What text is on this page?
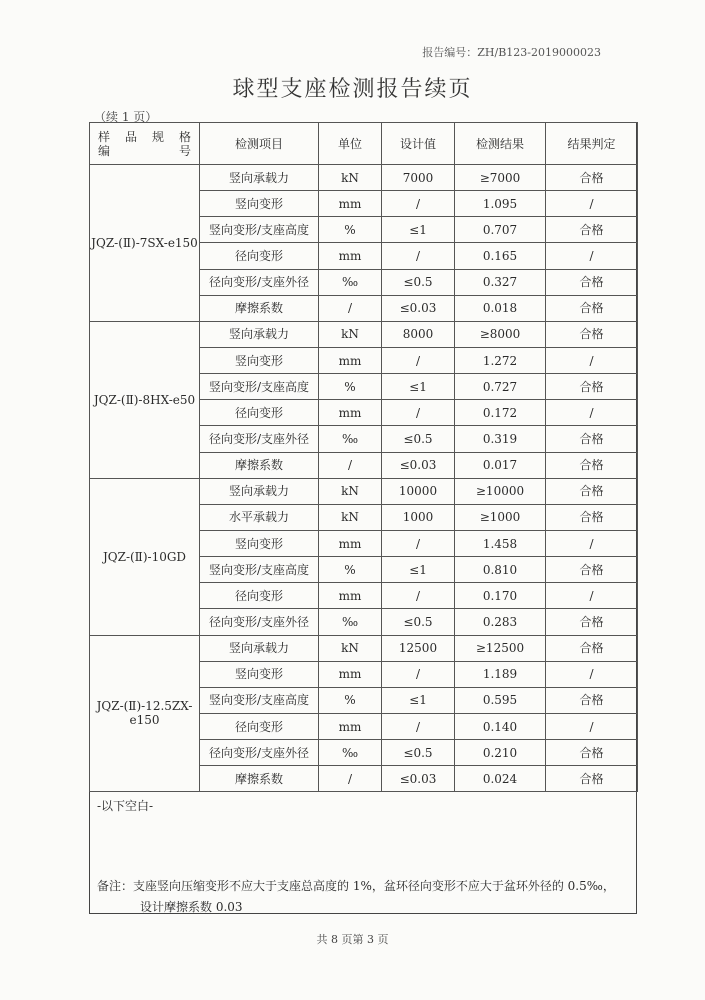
报告编号：ZH/B123-2019000023
球型支座检测报告续页
（续 1 页）
样品规格
编 号	检测项目	单位	设计值	检测结果	结果判定
JQZ-(Ⅱ)-7SX-e150	竖向承载力	kN	7000	≥7000	合格
	竖向变形	mm	/	1.095	/
	竖向变形/支座高度	%	≤1	0.707	合格
	径向变形	mm	/	0.165	/
	径向变形/支座外径	‰	≤0.5	0.327	合格
	摩擦系数	/	≤0.03	0.018	合格
JQZ-(Ⅱ)-8HX-e50	竖向承载力	kN	8000	≥8000	合格
	竖向变形	mm	/	1.272	/
	竖向变形/支座高度	%	≤1	0.727	合格
	径向变形	mm	/	0.172	/
	径向变形/支座外径	‰	≤0.5	0.319	合格
	摩擦系数	/	≤0.03	0.017	合格
JQZ-(Ⅱ)-10GD	竖向承载力	kN	10000	≥10000	合格
	水平承载力	kN	1000	≥1000	合格
	竖向变形	mm	/	1.458	/
	竖向变形/支座高度	%	≤1	0.810	合格
	径向变形	mm	/	0.170	/
	径向变形/支座外径	‰	≤0.5	0.283	合格
JQZ-(Ⅱ)-12.5ZX-e150	竖向承载力	kN	12500	≥12500	合格
	竖向变形	mm	/	1.189	/
	竖向变形/支座高度	%	≤1	0.595	合格
	径向变形	mm	/	0.140	/
	径向变形/支座外径	‰	≤0.5	0.210	合格
	摩擦系数	/	≤0.03	0.024	合格
-以下空白-
备注：支座竖向压缩变形不应大于支座总高度的 1%，盆环径向变形不应大于盆环外径的 0.5‰，
设计摩擦系数 0.03
共 8 页第 3 页
